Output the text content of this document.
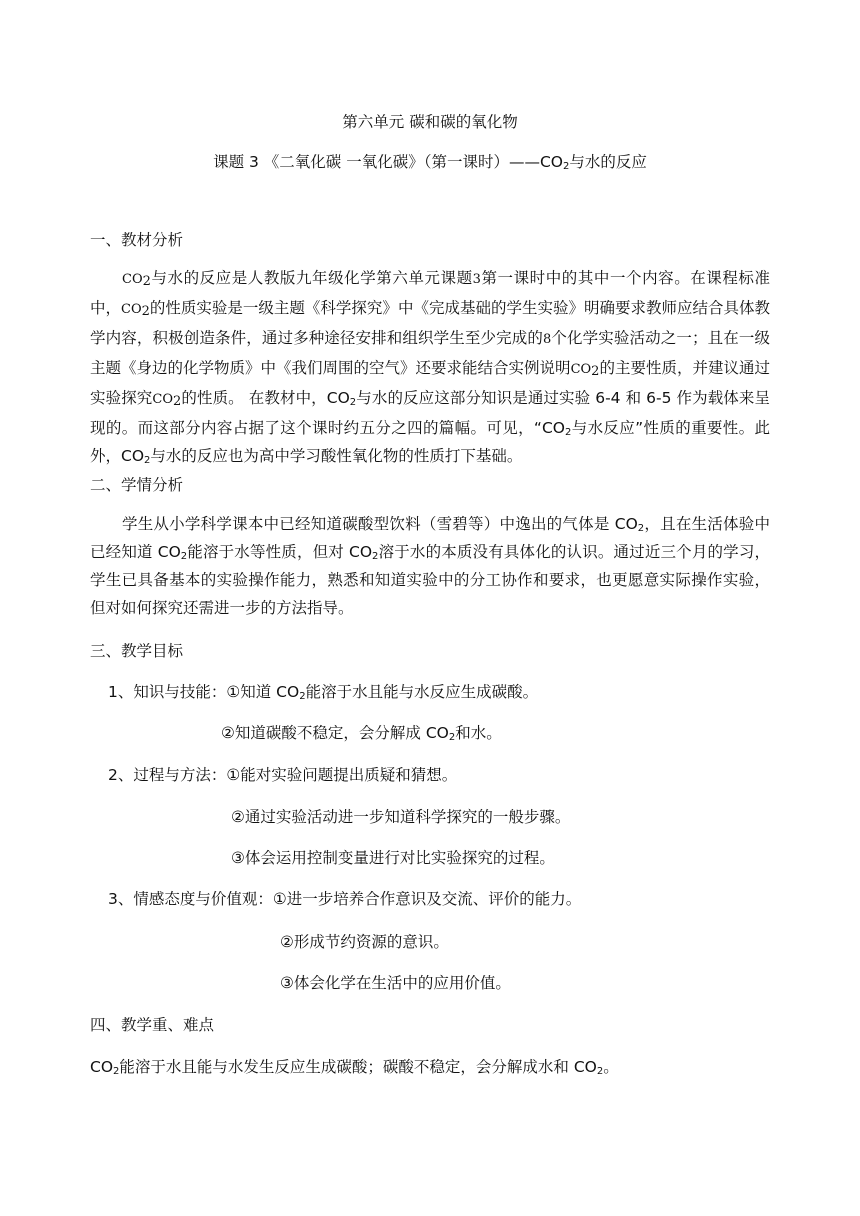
第六单元 碳和碳的氧化物
课题 3 《二氧化碳 一氧化碳》（第一课时）$——CO_2$与水的反应
一、教材分析
$CO_2$与水的反应是人教版九年级化学第六单元课题3第一课时中的其中一个内容。在课程标准中，$CO_2$的性质实验是一级主题《科学探究》中《完成基础的学生实验》明确要求教师应结合具体教学内容，积极创造条件，通过多种途径安排和组织学生至少完成的8个化学实验活动之一；且在一级主题《身边的化学物质》中《我们周围的空气》还要求能结合实例说明$CO_2$的主要性质，并建议通过实验探究$CO_2$的性质。 在教材中，$CO_2$与水的反应这部分知识是通过实验 6-4 和 6-5 作为载体来呈现的。而这部分内容占据了这个课时约五分之四的篇幅。可见，“$CO_2$与水反应”性质的重要性。此外，$CO_2$与水的反应也为高中学习酸性氧化物的性质打下基础。
二、学情分析
学生从小学科学课本中已经知道碳酸型饮料（雪碧等）中逸出的气体是 $CO_2$，且在生活体验中已经知道 $CO_2$能溶于水等性质，但对 $CO_2$溶于水的本质没有具体化的认识。通过近三个月的学习，学生已具备基本的实验操作能力，熟悉和知道实验中的分工协作和要求，也更愿意实际操作实验，但对如何探究还需进一步的方法指导。
三、教学目标
1、知识与技能：①知道 $CO_2$能溶于水且能与水反应生成碳酸。
②知道碳酸不稳定，会分解成 $CO_2$和水。
2、过程与方法：①能对实验问题提出质疑和猜想。
②通过实验活动进一步知道科学探究的一般步骤。
③体会运用控制变量进行对比实验探究的过程。
3、情感态度与价值观：①进一步培养合作意识及交流、评价的能力。
②形成节约资源的意识。
③体会化学在生活中的应用价值。
四、教学重、难点
$CO_2$能溶于水且能与水发生反应生成碳酸；碳酸不稳定，会分解成水和 $CO_2$。
